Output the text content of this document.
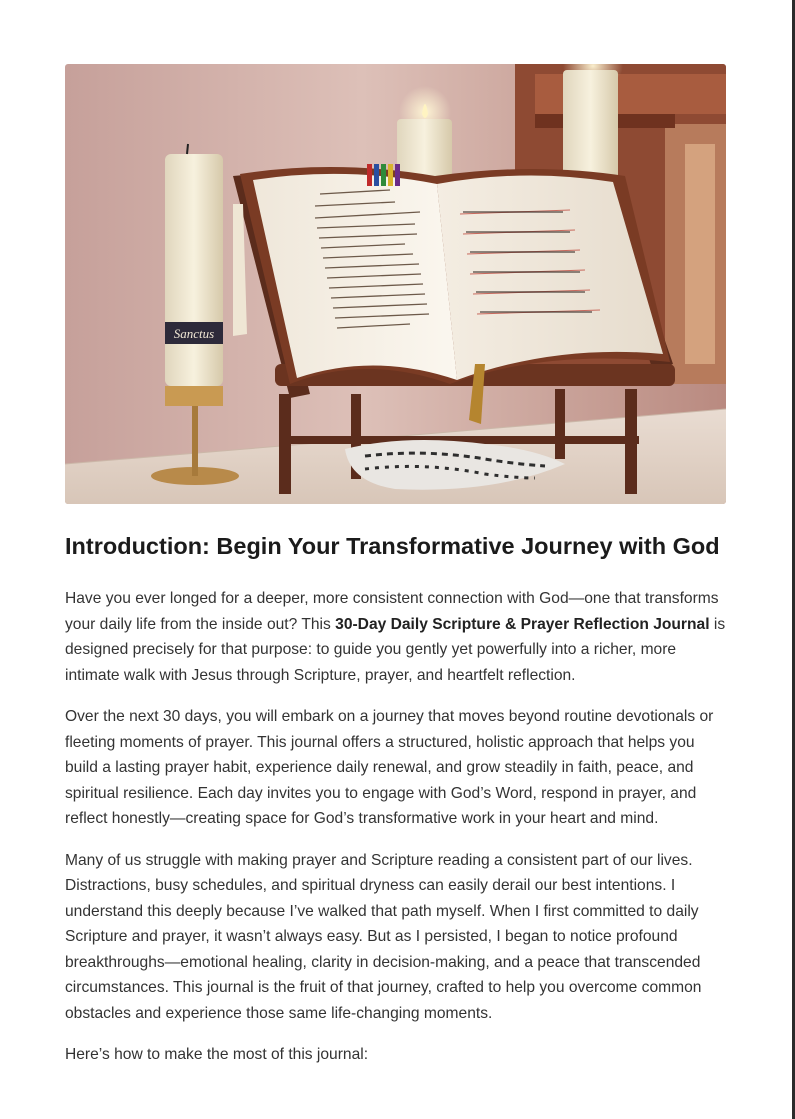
Sanctus
Introduction: Begin Your Transformative Journey with God

Have you ever longed for a deeper, more consistent connection with God—one that transforms your daily life from the inside out? This 30-Day Daily Scripture & Prayer Reflection Journal is designed precisely for that purpose: to guide you gently yet powerfully into a richer, more intimate walk with Jesus through Scripture, prayer, and heartfelt reflection.

Over the next 30 days, you will embark on a journey that moves beyond routine devotionals or fleeting moments of prayer. This journal offers a structured, holistic approach that helps you build a lasting prayer habit, experience daily renewal, and grow steadily in faith, peace, and spiritual resilience. Each day invites you to engage with God’s Word, respond in prayer, and reflect honestly—creating space for God’s transformative work in your heart and mind.

Many of us struggle with making prayer and Scripture reading a consistent part of our lives. Distractions, busy schedules, and spiritual dryness can easily derail our best intentions. I understand this deeply because I’ve walked that path myself. When I first committed to daily Scripture and prayer, it wasn’t always easy. But as I persisted, I began to notice profound breakthroughs—emotional healing, clarity in decision-making, and a peace that transcended circumstances. This journal is the fruit of that journey, crafted to help you overcome common obstacles and experience those same life-changing moments.

Here’s how to make the most of this journal:
